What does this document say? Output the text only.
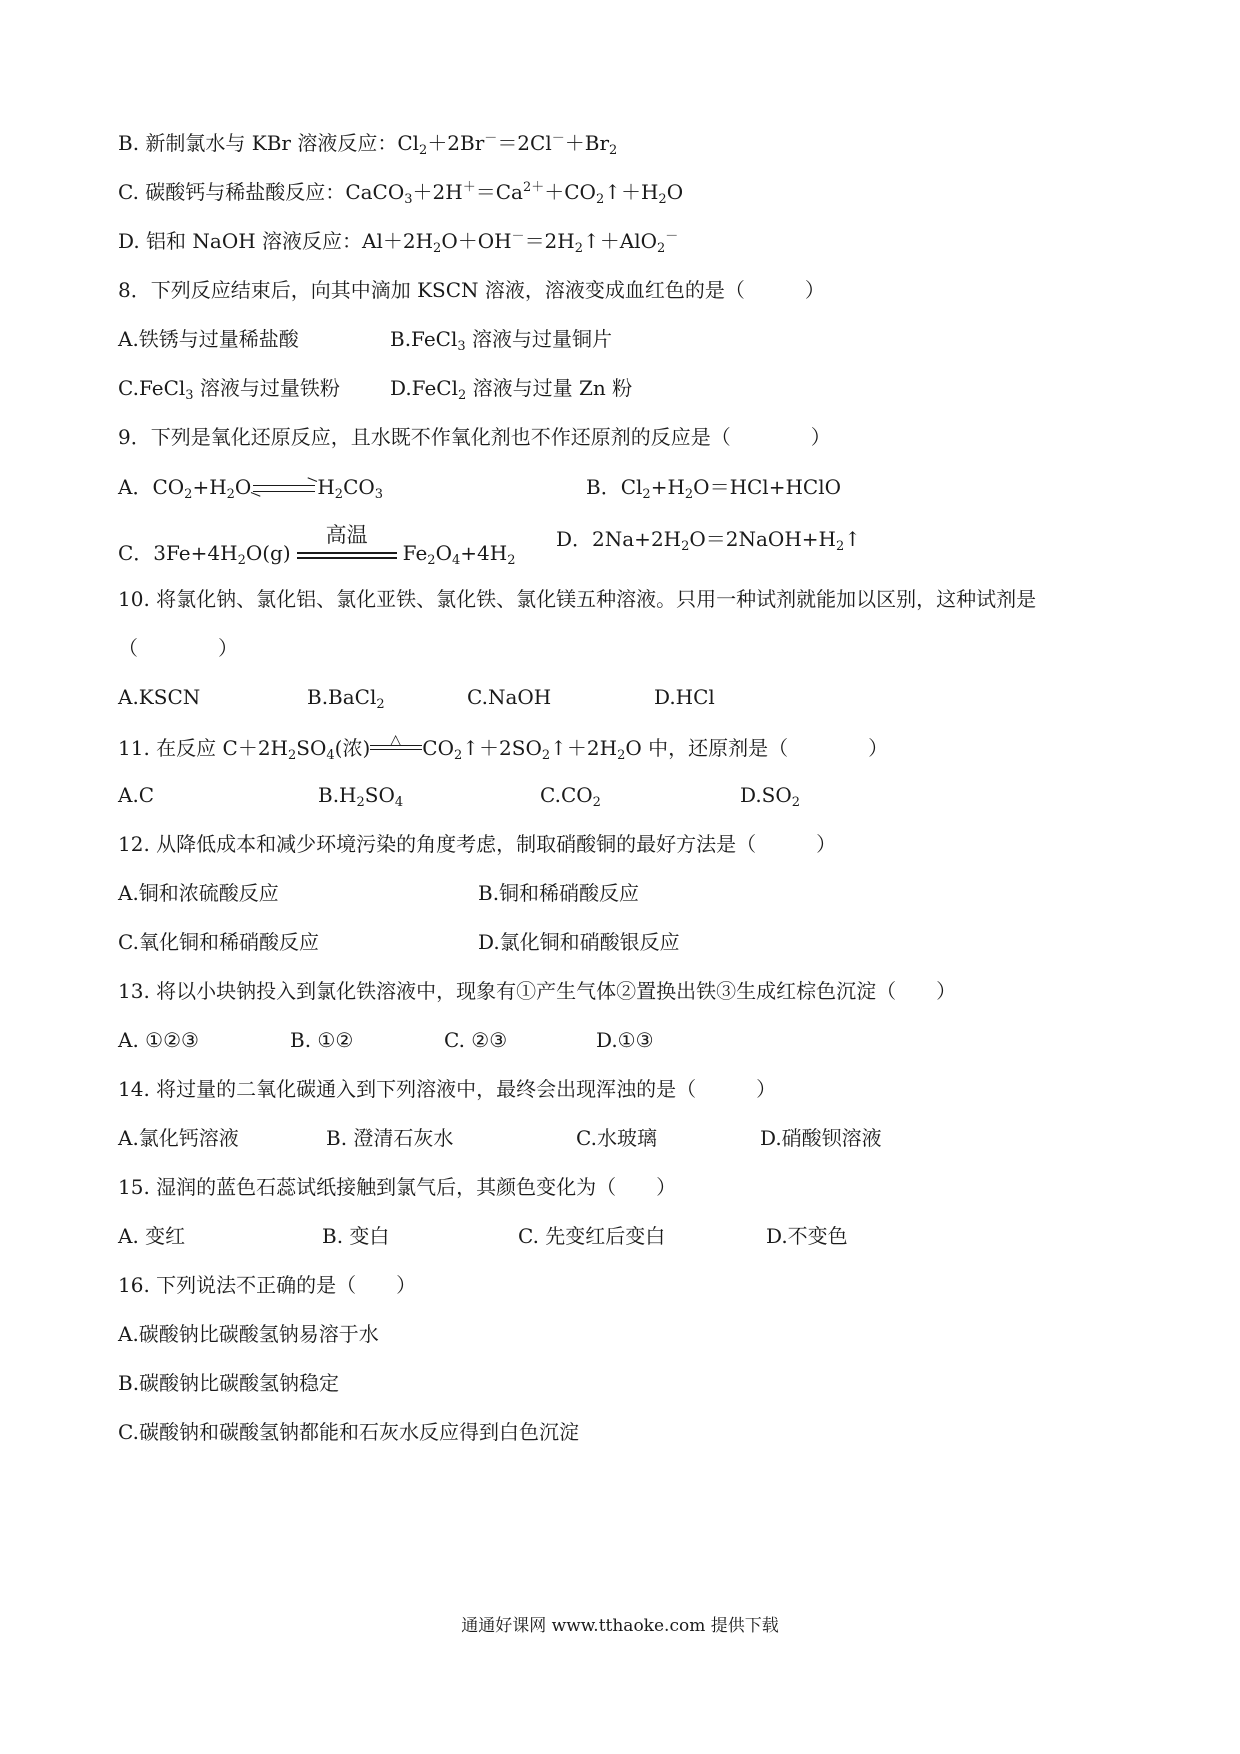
B. 新制氯水与 KBr 溶液反应：$Cl_2+2Br^-=2Cl^-+Br_2$
C. 碳酸钙与稀盐酸反应：$CaCO_3+2H^+=Ca^{2+}+CO_2↑+H_2O$
D. 铝和 NaOH 溶液反应：$Al+2H_2O+OH^-=2H_2↑+AlO_2^-$
8．下列反应结束后，向其中滴加 KSCN 溶液，溶液变成血红色的是（　　　）
A.铁锈与过量稀盐酸	B.FeCl$_3$ 溶液与过量铜片
C.FeCl$_3$ 溶液与过量铁粉	D.FeCl$_2$ 溶液与过量 Zn 粉
9．下列是氧化还原反应，且水既不作氧化剂也不作还原剂的反应是（　　　　）
A．$CO_2+H_2O$ ⇌ $H_2CO_3$	B．$Cl_2+H_2O=HCl+HClO$
C．$3Fe+4H_2O(g)$
高温
$Fe_2O_4+4H_2$
D．$2Na+2H_2O=2NaOH+H_2↑$
10. 将氯化钠、氯化铝、氯化亚铁、氯化铁、氯化镁五种溶液。只用一种试剂就能加以区别，这种试剂是
（　　　　）
A.KSCN	B.BaCl$_2$	C.NaOH	D.HCl
11. 在反应 $C+2H_2SO_4$(浓) △ $CO_2↑+2SO_2↑+2H_2O$ 中，还原剂是（　　　　）
A.C	$B.H_2SO_4$	$C.CO_2$	$D.SO_2$
12. 从降低成本和减少环境污染的角度考虑，制取硝酸铜的最好方法是（　　　）
A.铜和浓硫酸反应	B.铜和稀硝酸反应
C.氧化铜和稀硝酸反应	D.氯化铜和硝酸银反应
13. 将以小块钠投入到氯化铁溶液中，现象有①产生气体②置换出铁③生成红棕色沉淀（　　）
A. ①②③	B. ①②	C. ②③	D.①③
14. 将过量的二氧化碳通入到下列溶液中，最终会出现浑浊的是（　　　）
A.氯化钙溶液	B. 澄清石灰水	C.水玻璃	D.硝酸钡溶液
15. 湿润的蓝色石蕊试纸接触到氯气后，其颜色变化为（　　）
A. 变红	B. 变白	C. 先变红后变白	D.不变色
16. 下列说法不正确的是（　　）
A.碳酸钠比碳酸氢钠易溶于水
B.碳酸钠比碳酸氢钠稳定
C.碳酸钠和碳酸氢钠都能和石灰水反应得到白色沉淀
通通好课网 www.tthaoke.com 提供下载
